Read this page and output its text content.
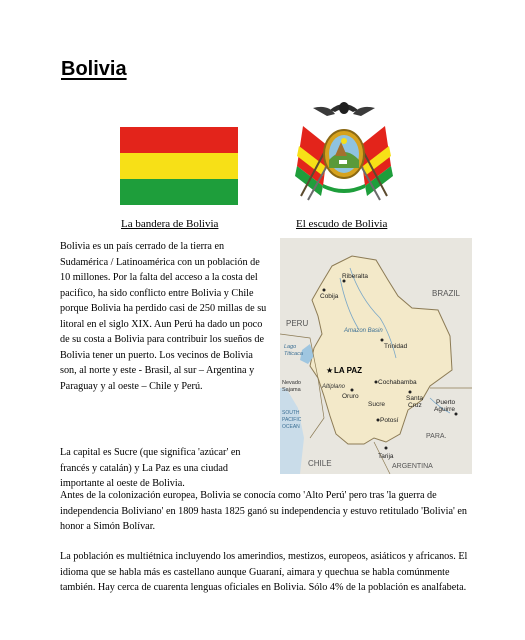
Bolivia
La bandera de Bolivia	El escudo de Bolivia

Bolivia es un país cerrado de la tierra en Sudamérica / Latinoamérica con un población de 10 millones. Por la falta del acceso a la costa del pacifico, ha sido conflicto entre Bolivia y Chile porque Bolivia ha perdido casi de 250 millas de su litoral en el siglo XIX. Aun Perú ha dado un poco de su costa a Bolivia para contribuir los sueños de Bolivia tener un puerto. Los vecinos de Bolivia son, al norte y este - Brasil, al sur – Argentina y Paraguay y al oeste – Chile y Perú.

BRAZIL
PERU
CHILE
PARA.
ARGENTINA
Amazon Basin
Lago
Titicaca
Nevado
Sajama	Altiplano
SOUTH
PACIFIC
OCEAN
Riberalta
Cobija
Trinidad
★ LA PAZ
Oruro
Cochabamba
Santa
Cruz
Sucre
Potosí
Puerto
Aguirre
Tarija

La capital es Sucre (que significa 'azúcar' en francés y catalán) y La Paz es una ciudad importante al oeste de Bolivia.

Antes de la colonización europea, Bolivia se conocía como 'Alto Perú' pero tras 'la guerra de independencia Boliviano' en 1809 hasta 1825 ganó su independencia y estuvo retitulado 'Bolivia' en honor a Simón Bolívar.

La población es multiétnica incluyendo los amerindios, mestizos, europeos, asiáticos y africanos. El idioma que se habla más es castellano aunque Guaraní, aimara y quechua se habla comúnmente también. Hay cerca de cuarenta lenguas oficiales en Bolivia. Sólo 4% de la población es analfabeta.
